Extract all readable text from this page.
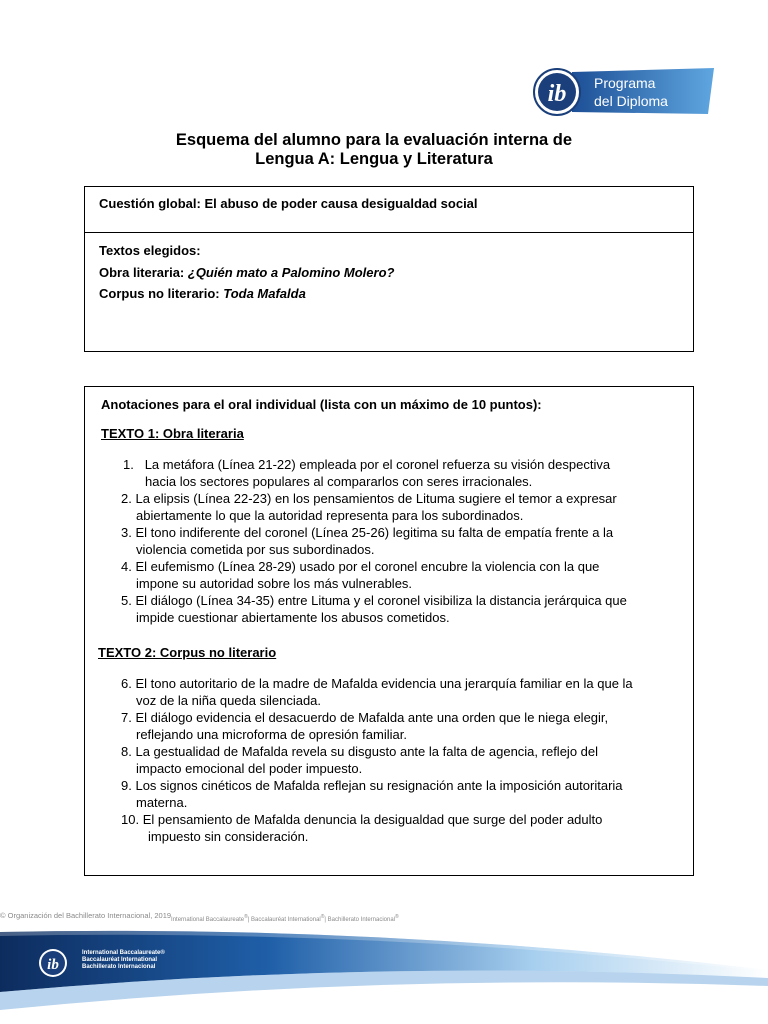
ib Programa
del Diploma
Esquema del alumno para la evaluación interna de
Lengua A: Lengua y Literatura
Cuestión global: El abuso de poder causa desigualdad social
Textos elegidos:
Obra literaria: ¿Quién mato a Palomino Molero?
Corpus no literario: Toda Mafalda
Anotaciones para el oral individual (lista con un máximo de 10 puntos):
TEXTO 1: Obra literaria
1. La metáfora (Línea 21-22) empleada por el coronel refuerza su visión despectiva
hacia los sectores populares al compararlos con seres irracionales.
2. La elipsis (Línea 22-23) en los pensamientos de Lituma sugiere el temor a expresar
abiertamente lo que la autoridad representa para los subordinados.
3. El tono indiferente del coronel (Línea 25-26) legitima su falta de empatía frente a la
violencia cometida por sus subordinados.
4. El eufemismo (Línea 28-29) usado por el coronel encubre la violencia con la que
impone su autoridad sobre los más vulnerables.
5. El diálogo (Línea 34-35) entre Lituma y el coronel visibiliza la distancia jerárquica que
impide cuestionar abiertamente los abusos cometidos.
TEXTO 2: Corpus no literario
6. El tono autoritario de la madre de Mafalda evidencia una jerarquía familiar en la que la
voz de la niña queda silenciada.
7. El diálogo evidencia el desacuerdo de Mafalda ante una orden que le niega elegir,
reflejando una microforma de opresión familiar.
8. La gestualidad de Mafalda revela su disgusto ante la falta de agencia, reflejo del
impacto emocional del poder impuesto.
9. Los signos cinéticos de Mafalda reflejan su resignación ante la imposición autoritaria
materna.
10. El pensamiento de Mafalda denuncia la desigualdad que surge del poder adulto
impuesto sin consideración.
© Organización del Bachillerato Internacional, $2019_{International Baccalaureate^®| Baccalauréat International^®| Bachillerato Internacional^®}$
ib
International Baccalaureate®
Baccalauréat International
Bachillerato Internacional
